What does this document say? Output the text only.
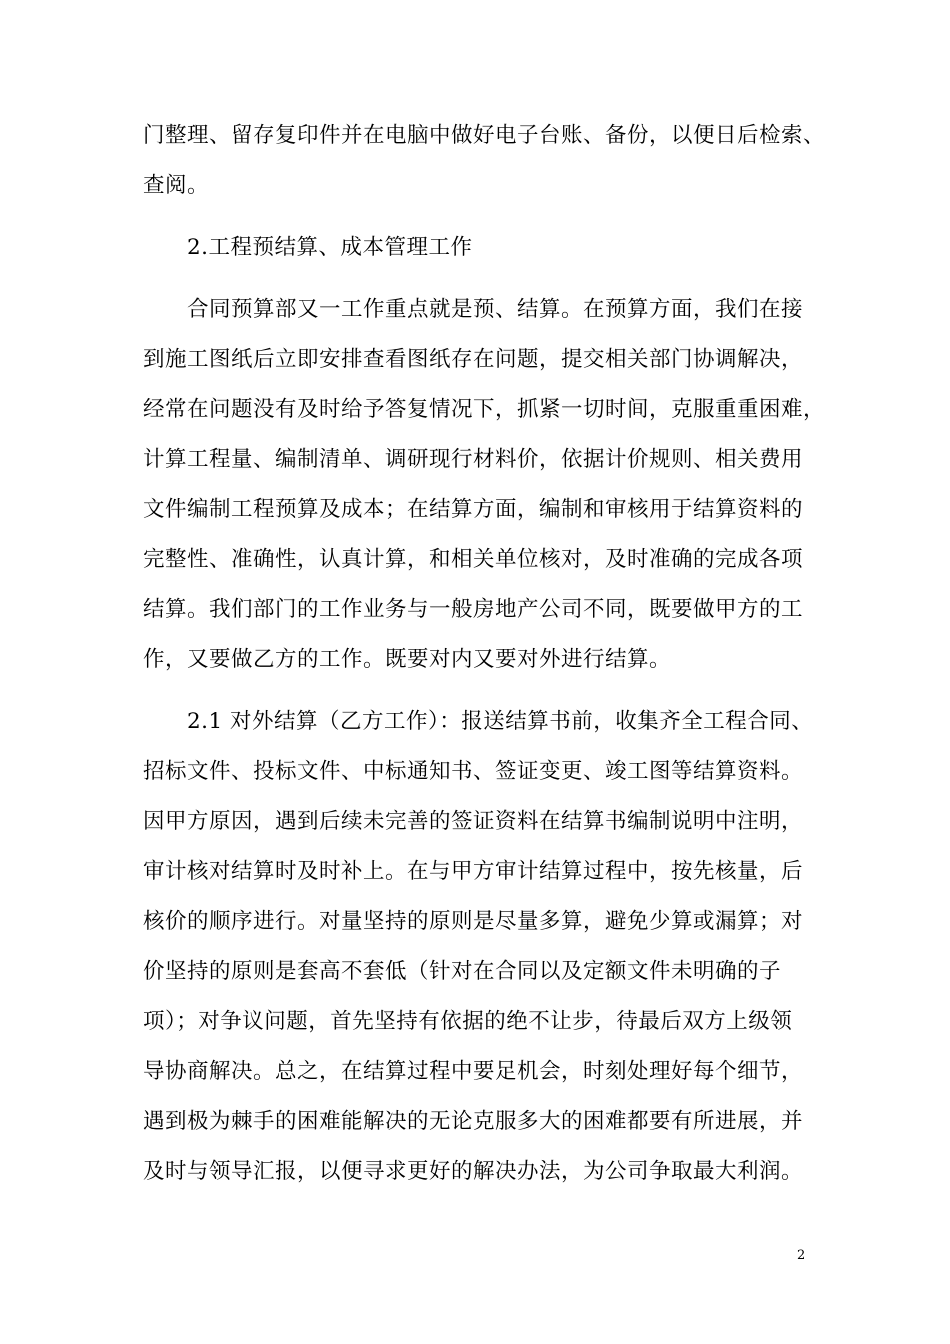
门整理、留存复印件并在电脑中做好电子台账、备份，以便日后检索、
查阅。
2.工程预结算、成本管理工作
合同预算部又一工作重点就是预、结算。在预算方面，我们在接
到施工图纸后立即安排查看图纸存在问题，提交相关部门协调解决，
经常在问题没有及时给予答复情况下，抓紧一切时间，克服重重困难，
计算工程量、编制清单、调研现行材料价，依据计价规则、相关费用
文件编制工程预算及成本；在结算方面，编制和审核用于结算资料的
完整性、准确性，认真计算，和相关单位核对，及时准确的完成各项
结算。我们部门的工作业务与一般房地产公司不同，既要做甲方的工
作，又要做乙方的工作。既要对内又要对外进行结算。
2.1 对外结算（乙方工作）：报送结算书前，收集齐全工程合同、
招标文件、投标文件、中标通知书、签证变更、竣工图等结算资料。
因甲方原因，遇到后续未完善的签证资料在结算书编制说明中注明，
审计核对结算时及时补上。在与甲方审计结算过程中，按先核量，后
核价的顺序进行。对量坚持的原则是尽量多算，避免少算或漏算；对
价坚持的原则是套高不套低（针对在合同以及定额文件未明确的子
项）；对争议问题，首先坚持有依据的绝不让步，待最后双方上级领
导协商解决。总之，在结算过程中要足机会，时刻处理好每个细节，
遇到极为棘手的困难能解决的无论克服多大的困难都要有所进展，并
及时与领导汇报，以便寻求更好的解决办法，为公司争取最大利润。
2
